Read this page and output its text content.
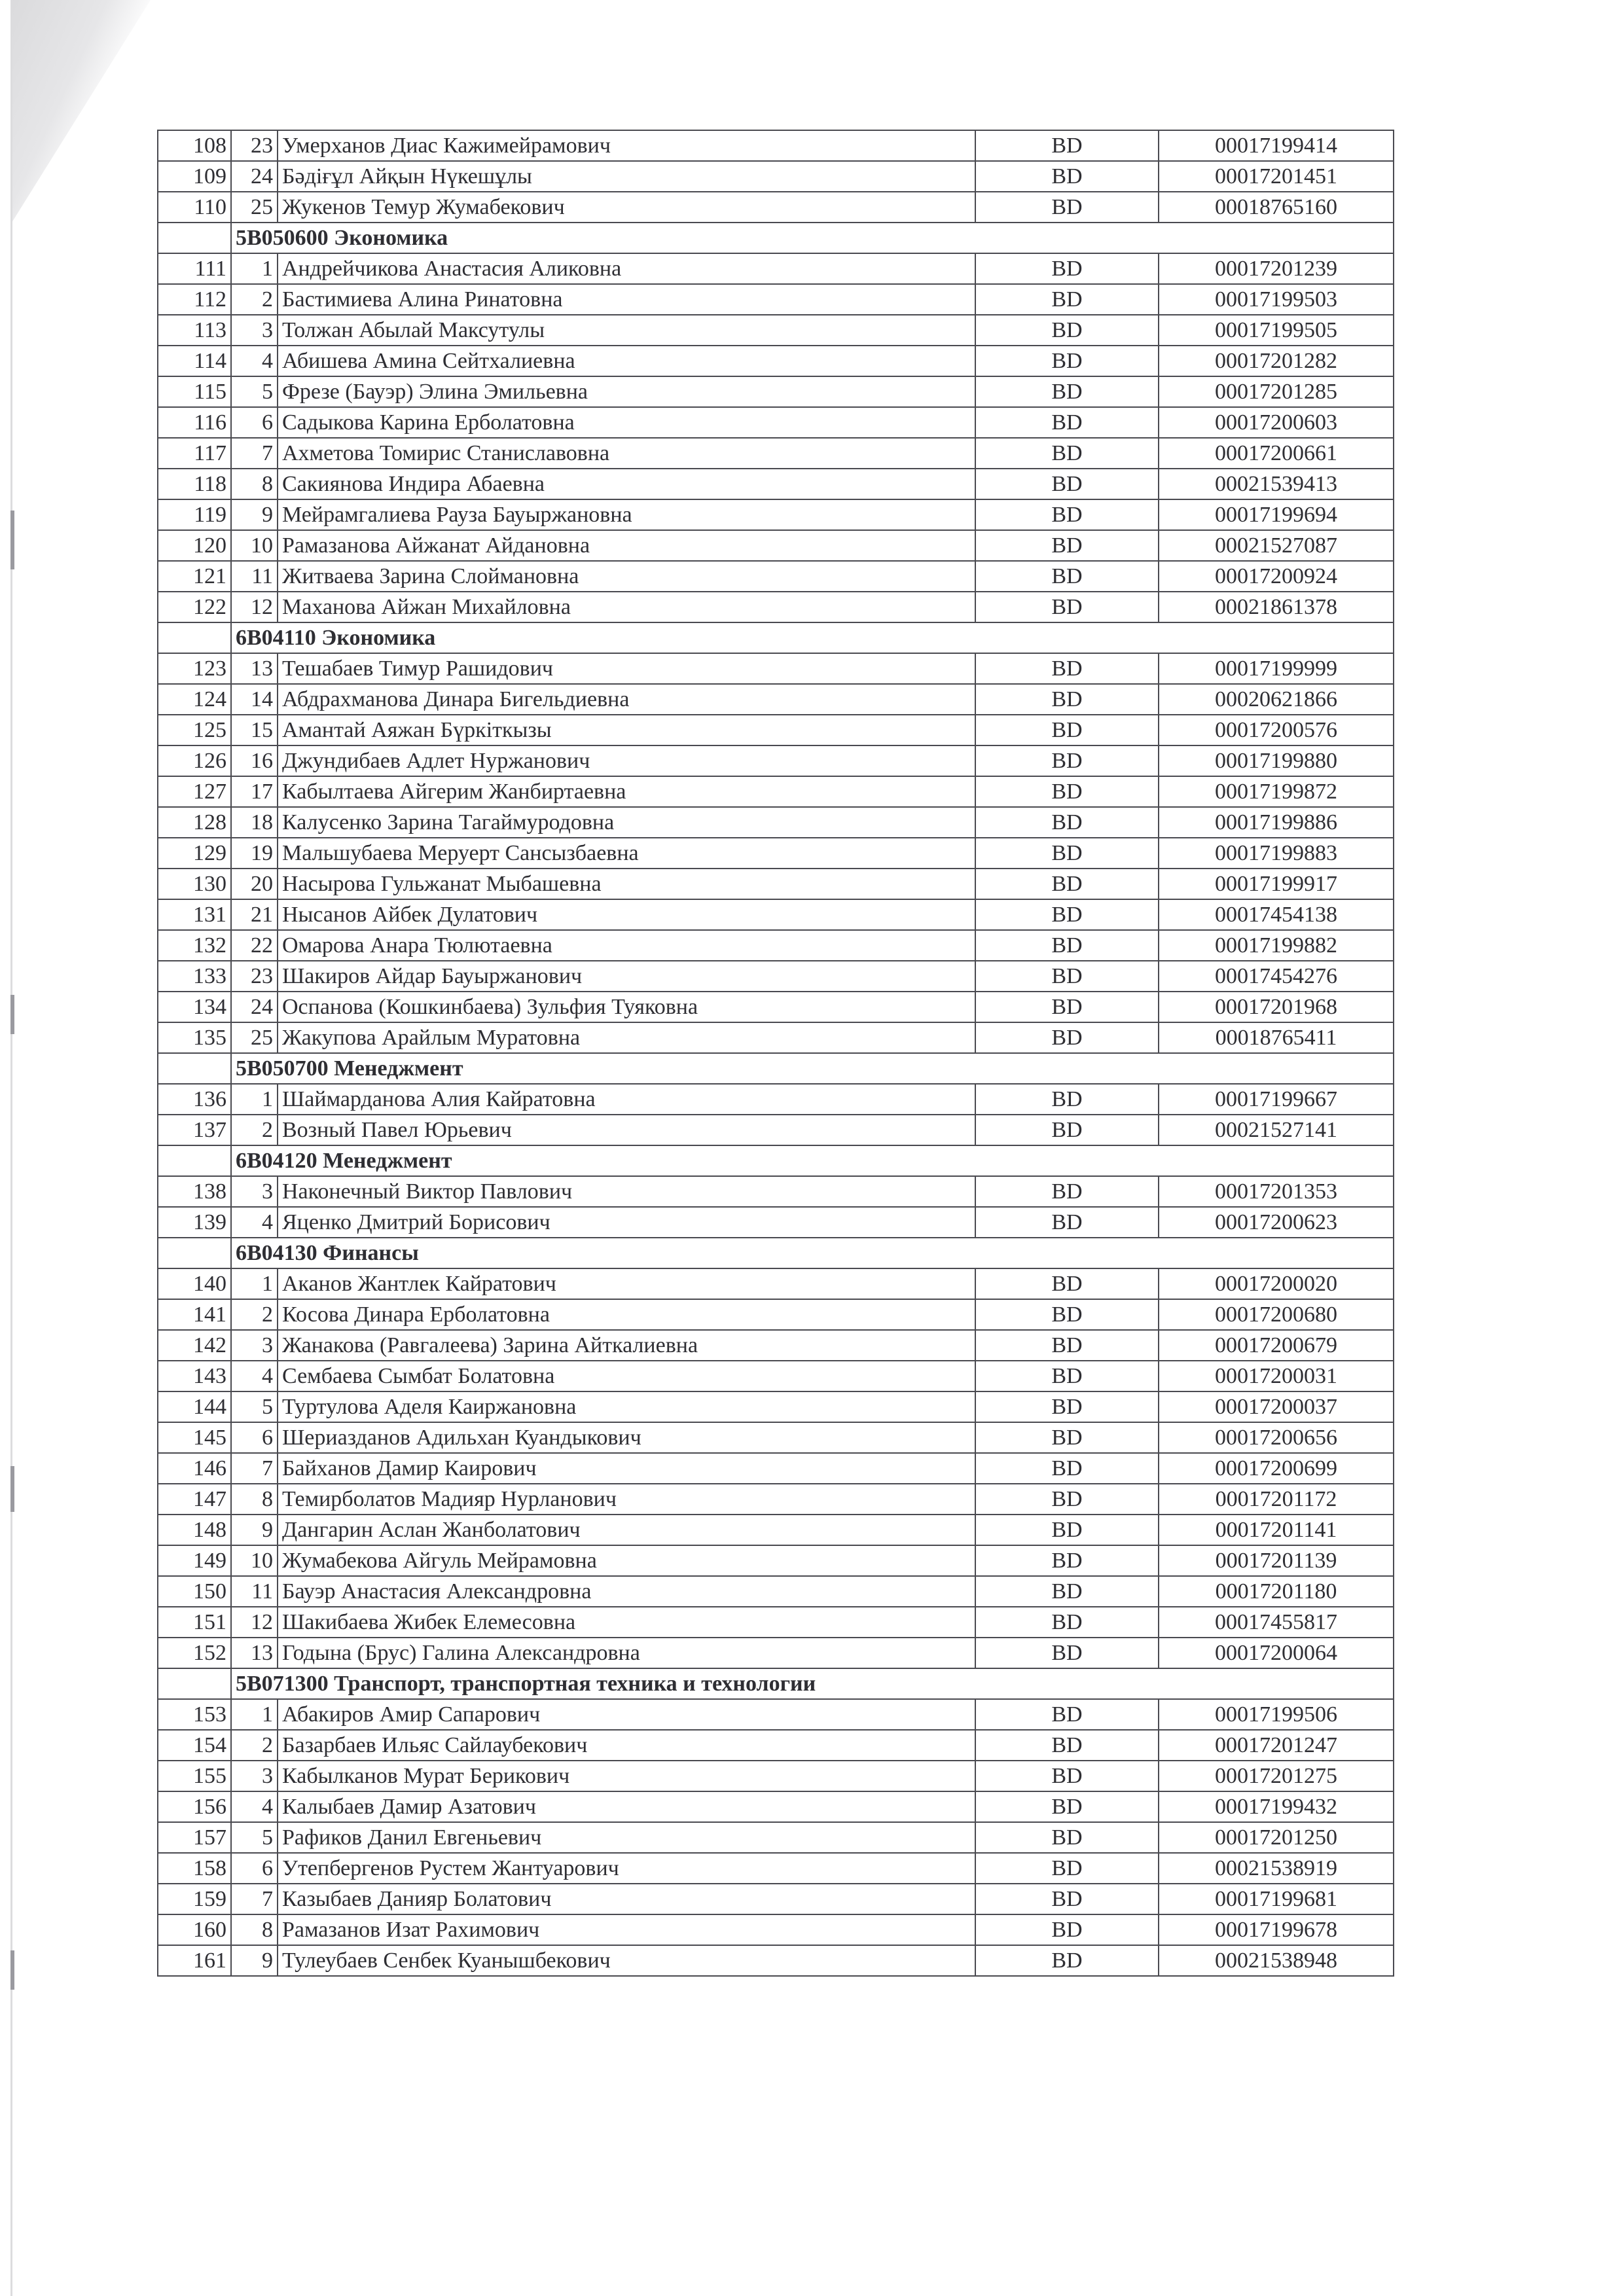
108	23	Умерханов Диас Кажимейрамович	BD	00017199414
109	24	Бәдіғұл Айқын Нүкешұлы	BD	00017201451
110	25	Жукенов Темур Жумабекович	BD	00018765160
	5В050600 Экономика			
111	1	Андрейчикова Анастасия Аликовна	BD	00017201239
112	2	Бастимиева Алина Ринатовна	BD	00017199503
113	3	Толжан Абылай Максутулы	BD	00017199505
114	4	Абишева Амина Сейтхалиевна	BD	00017201282
115	5	Фрезе (Бауэр) Элина Эмильевна	BD	00017201285
116	6	Садыкова Карина Ерболатовна	BD	00017200603
117	7	Ахметова Томирис Станиславовна	BD	00017200661
118	8	Сакиянова Индира Абаевна	BD	00021539413
119	9	Мейрамгалиева Рауза Бауыржановна	BD	00017199694
120	10	Рамазанова Айжанат Айдановна	BD	00021527087
121	11	Житваева Зарина Слоймановна	BD	00017200924
122	12	Маханова Айжан Михайловна	BD	00021861378
	6В04110 Экономика			
123	13	Тешабаев Тимур Рашидович	BD	00017199999
124	14	Абдрахманова Динара Бигельдиевна	BD	00020621866
125	15	Амантай Аяжан Бүркіткызы	BD	00017200576
126	16	Джундибаев Адлет Нуржанович	BD	00017199880
127	17	Кабылтаева Айгерим Жанбиртаевна	BD	00017199872
128	18	Калусенко Зарина Тагаймуродовна	BD	00017199886
129	19	Мальшубаева Меруерт Сансызбаевна	BD	00017199883
130	20	Насырова Гульжанат Мыбашевна	BD	00017199917
131	21	Нысанов Айбек Дулатович	BD	00017454138
132	22	Омарова Анара Тюлютаевна	BD	00017199882
133	23	Шакиров Айдар Бауыржанович	BD	00017454276
134	24	Оспанова (Кошкинбаева) Зульфия Туяковна	BD	00017201968
135	25	Жакупова Арайлым Муратовна	BD	00018765411
	5В050700 Менеджмент			
136	1	Шаймарданова Алия Кайратовна	BD	00017199667
137	2	Возный Павел Юрьевич	BD	00021527141
	6В04120 Менеджмент			
138	3	Наконечный Виктор Павлович	BD	00017201353
139	4	Яценко Дмитрий Борисович	BD	00017200623
	6В04130 Финансы			
140	1	Аканов Жантлек Кайратович	BD	00017200020
141	2	Косова Динара Ерболатовна	BD	00017200680
142	3	Жанакова (Равгалеева) Зарина Айткалиевна	BD	00017200679
143	4	Сембаева Сымбат Болатовна	BD	00017200031
144	5	Туртулова Аделя Каиржановна	BD	00017200037
145	6	Шериазданов Адильхан Куандыкович	BD	00017200656
146	7	Байханов Дамир Каирович	BD	00017200699
147	8	Темирболатов Мадияр Нурланович	BD	00017201172
148	9	Дангарин Аслан Жанболатович	BD	00017201141
149	10	Жумабекова Айгуль Мейрамовна	BD	00017201139
150	11	Бауэр Анастасия Александровна	BD	00017201180
151	12	Шакибаева Жибек Елемесовна	BD	00017455817
152	13	Годына (Брус) Галина Александровна	BD	00017200064
	5В071300 Транспорт, транспортная техника и технологии			
153	1	Абакиров Амир Сапарович	BD	00017199506
154	2	Базарбаев Ильяс Сайлаубекович	BD	00017201247
155	3	Кабылканов Мурат Берикович	BD	00017201275
156	4	Калыбаев Дамир Азатович	BD	00017199432
157	5	Рафиков Данил Евгеньевич	BD	00017201250
158	6	Утепбергенов Рустем Жантуарович	BD	00021538919
159	7	Казыбаев Данияр Болатович	BD	00017199681
160	8	Рамазанов Изат Рахимович	BD	00017199678
161	9	Тулеубаев Сенбек Куанышбекович	BD	00021538948
